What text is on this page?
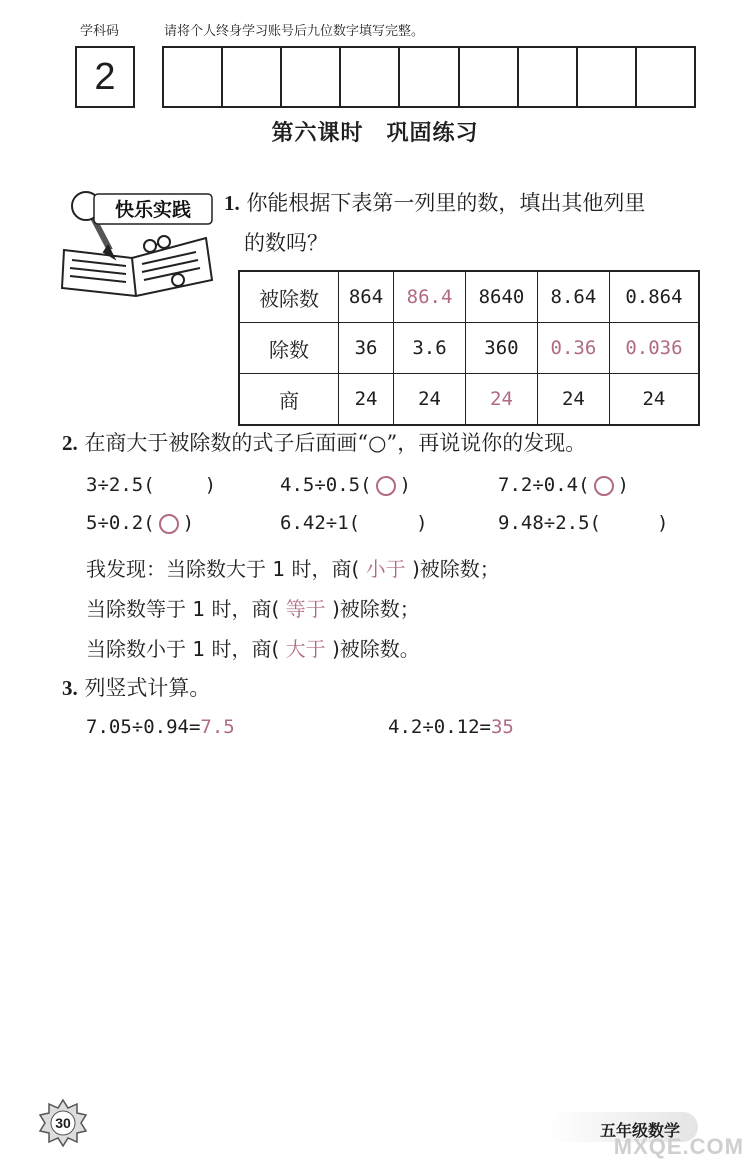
学科码	请将个人终身学习账号后九位数字填写完整。
2
第六课时　巩固练习
快乐实践 1. 你能根据下表第一列里的数，填出其他列里
的数吗？
被除数	864	86.4	8640	8.64	0.864
除数	36	3.6	360	0.36	0.036
商	24	24	24	24	24
2. 在商大于被除数的式子后面画“○”，再说说你的发现。
3÷2.5(	)	4.5÷0.5( ○ )	7.2÷0.4( ○ )
5÷0.2( ○ )	6.42÷1(	)	9.48÷2.5(	)
我发现：当除数大于 1 时，商( 小于 )被除数；
当除数等于 1 时，商( 等于 )被除数；
当除数小于 1 时，商( 大于 )被除数。
3. 列竖式计算。
7.05÷0.94=7.5	4.2÷0.12=35
30	五年级数学
MXQE.COM
